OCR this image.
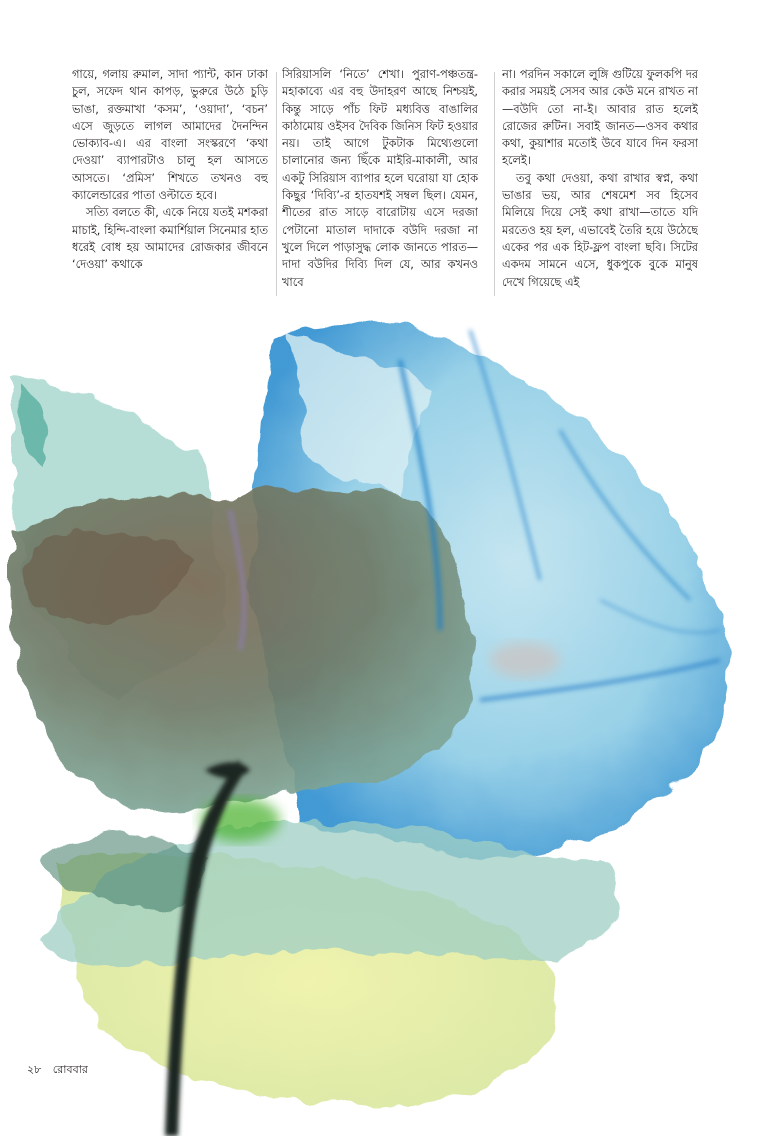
গায়ে, গলায় রুমাল, সাদা প্যান্ট, কান ঢাকা চুল, সফেদ থান কাপড়, ভুরুরে উঠে চুড়ি ভাঙা, রক্তমাখা ‘কসম’, ‘ওয়াদা’, ‘বচন’ এসে জুড়তে লাগল আমাদের দৈনন্দিন ভোক্যাব-এ। এর বাংলা সংস্করণে ‘কথা দেওয়া’ ব্যাপারটাও চালু হল আসতে আসতে। ‘প্রমিস’ শিখতে তখনও বহু ক্যালেন্ডারের পাতা ওল্টাতে হবে।

সত্যি বলতে কী, একে নিয়ে যতই মশকরা মাচাই, হিন্দি-বাংলা কমার্শিয়াল সিনেমার হাত ধরেই বোধ হয় আমাদের রোজকার জীবনে ‘দেওয়া’ কথাকে

সিরিয়াসলি ‘নিতে’ শেখা। পুরাণ-পঞ্চতন্ত্র-মহাকাব্যে এর বহু উদাহরণ আছে নিশ্চয়ই, কিন্তু সাড়ে পাঁচ ফিট মধ্যবিত্ত বাঙালির কাঠামোয় ওইসব দৈবিক জিনিস ফিট হওয়ার নয়। তাই আগে টুকটাক মিথ্যেগুলো চালানোর জন্য ছিঁকে মাইরি-মাকালী, আর একটু সিরিয়াস ব্যাপার হলে ঘরোয়া যা হোক কিছুর ‘দিব্যি’-র হাতযশই সম্বল ছিল। যেমন, শীতের রাত সাড়ে বারোটায় এসে দরজা পেটানো মাতাল দাদাকে বউদি দরজা না খুলে দিলে পাড়াসুদ্ধ লোক জানতে পারত—দাদা বউদির দিব্যি দিল যে, আর কখনও খাবে

না। পরদিন সকালে লুঙ্গি গুটিয়ে ফুলকপি দর করার সময়ই সেসব আর কেউ মনে রাখত না—বউদি তো না-ই। আবার রাত হলেই রোজের রুটিন। সবাই জানত—ওসব কথার কথা, কুয়াশার মতোই উবে যাবে দিন ফরসা হলেই।

তবু কথা দেওয়া, কথা রাখার স্বপ্ন, কথা ভাঙার ভয়, আর শেষমেশ সব হিসেব মিলিয়ে দিয়ে সেই কথা রাখা—তাতে যদি মরতেও হয় হল, এভাবেই তৈরি হয়ে উঠেছে একের পর এক হিট-ফ্লপ বাংলা ছবি। সিটের একদম সামনে এসে, ধুকপুকে বুকে মানুষ দেখে গিয়েছে এই

২৮ রোববার
